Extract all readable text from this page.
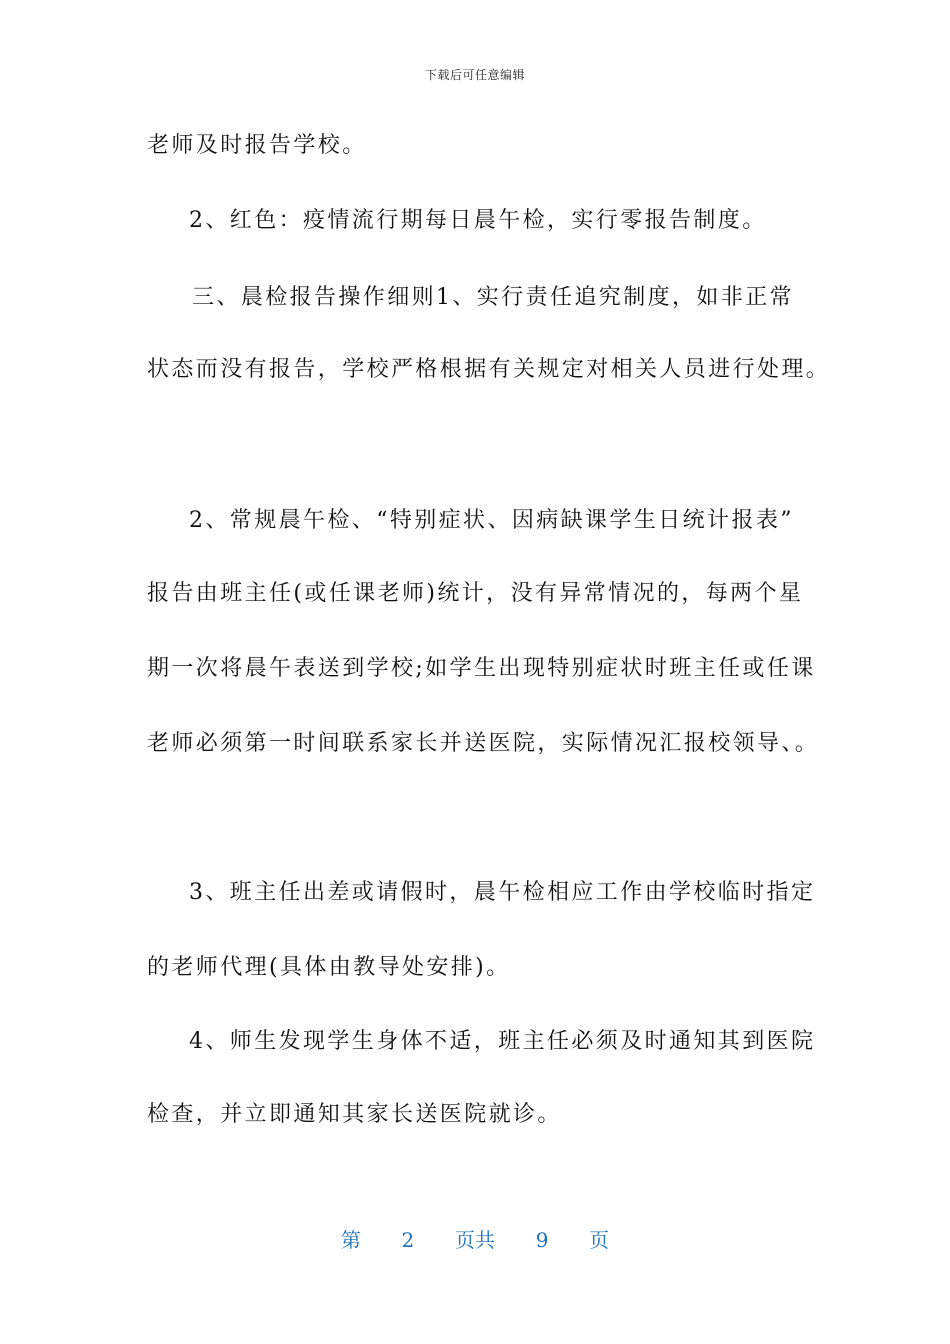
下载后可任意编辑
老师及时报告学校。
2、红色：疫情流行期每日晨午检，实行零报告制度。
三、晨检报告操作细则1、实行责任追究制度，如非正常
状态而没有报告，学校严格根据有关规定对相关人员进行处理。
2、常规晨午检、“特别症状、因病缺课学生日统计报表”
报告由班主任(或任课老师)统计，没有异常情况的，每两个星
期一次将晨午表送到学校;如学生出现特别症状时班主任或任课
老师必须第一时间联系家长并送医院，实际情况汇报校领导、。
3、班主任出差或请假时，晨午检相应工作由学校临时指定
的老师代理(具体由教导处安排)。
4、师生发现学生身体不适，班主任必须及时通知其到医院
检查，并立即通知其家长送医院就诊。
第 2 页共 9 页
